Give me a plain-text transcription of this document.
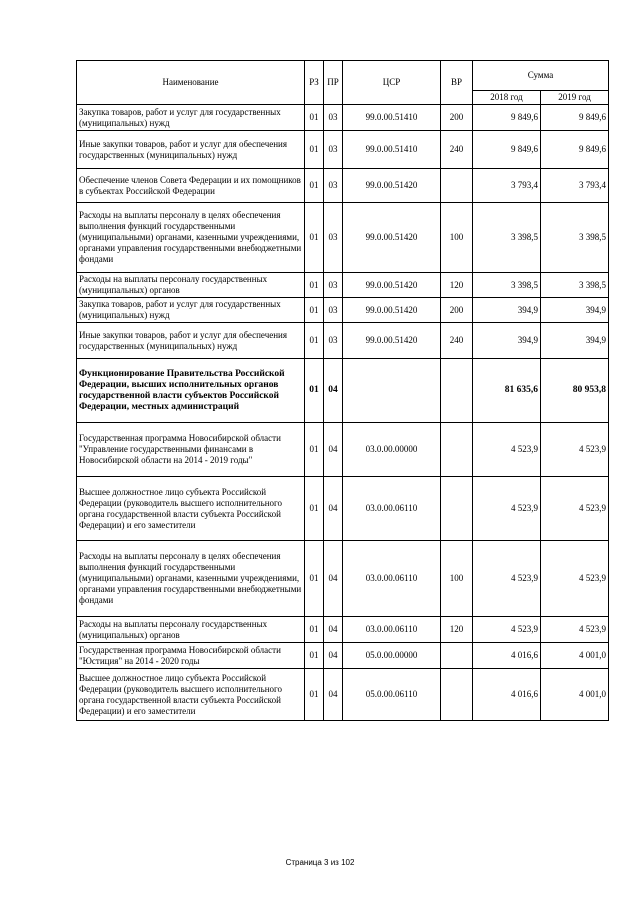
Наименование	РЗ	ПР	ЦСР	ВР	Сумма	
					2018 год	2019 год
Закупка товаров, работ и услуг для государственных (муниципальных) нужд	01	03	99.0.00.51410	200	9 849,6	9 849,6
Иные закупки товаров, работ и услуг для обеспечения государственных (муниципальных) нужд	01	03	99.0.00.51410	240	9 849,6	9 849,6
Обеспечение членов Совета Федерации и их помощников в субъектах Российской Федерации	01	03	99.0.00.51420		3 793,4	3 793,4
Расходы на выплаты персоналу в целях обеспечения выполнения функций государственными (муниципальными) органами, казенными учреждениями, органами управления государственными внебюджетными фондами	01	03	99.0.00.51420	100	3 398,5	3 398,5
Расходы на выплаты персоналу государственных (муниципальных) органов	01	03	99.0.00.51420	120	3 398,5	3 398,5
Закупка товаров, работ и услуг для государственных (муниципальных) нужд	01	03	99.0.00.51420	200	394,9	394,9
Иные закупки товаров, работ и услуг для обеспечения государственных (муниципальных) нужд	01	03	99.0.00.51420	240	394,9	394,9
Функционирование Правительства Российской Федерации, высших исполнительных органов государственной власти субъектов Российской Федерации, местных администраций	01	04			81 635,6	80 953,8
Государственная программа Новосибирской области "Управление государственными финансами в Новосибирской области на 2014 - 2019 годы"	01	04	03.0.00.00000		4 523,9	4 523,9
Высшее должностное лицо субъекта Российской Федерации (руководитель высшего исполнительного органа государственной власти субъекта Российской Федерации) и его заместители	01	04	03.0.00.06110		4 523,9	4 523,9
Расходы на выплаты персоналу в целях обеспечения выполнения функций государственными (муниципальными) органами, казенными учреждениями, органами управления государственными внебюджетными фондами	01	04	03.0.00.06110	100	4 523,9	4 523,9
Расходы на выплаты персоналу государственных (муниципальных) органов	01	04	03.0.00.06110	120	4 523,9	4 523,9
Государственная программа Новосибирской области "Юстиция" на 2014 - 2020 годы	01	04	05.0.00.00000		4 016,6	4 001,0
Высшее должностное лицо субъекта Российской Федерации (руководитель высшего исполнительного органа государственной власти субъекта Российской Федерации) и его заместители	01	04	05.0.00.06110		4 016,6	4 001,0
Страница 3 из 102
